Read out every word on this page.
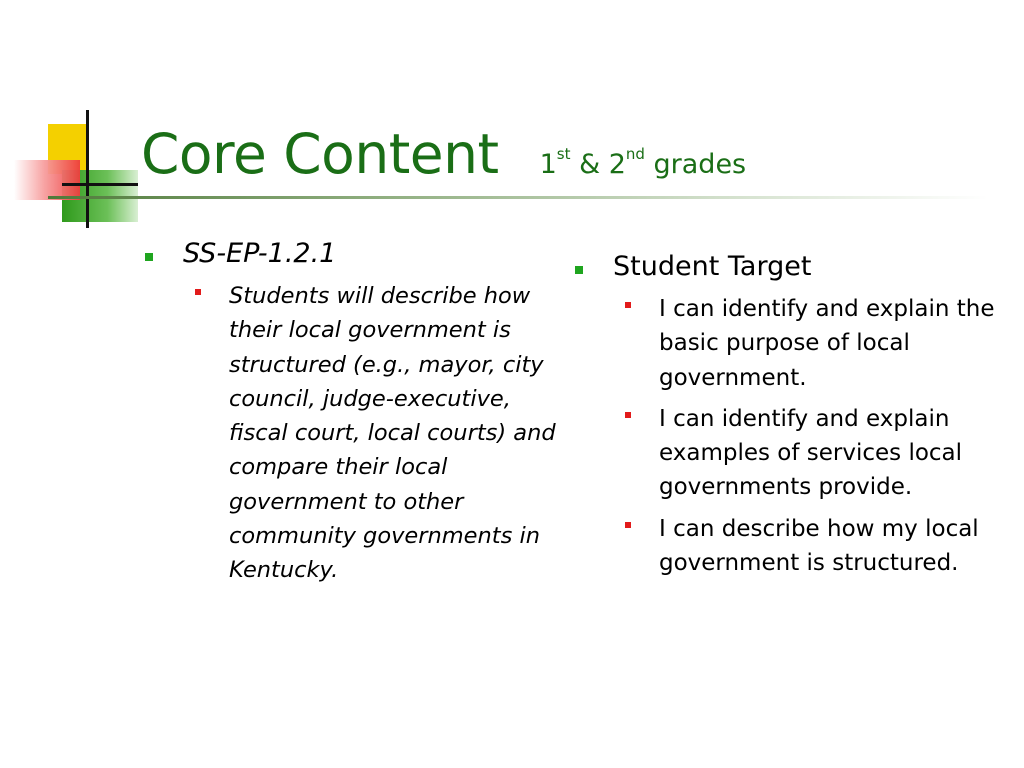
Core Content 1st & 2nd grades
SS-EP-1.2.1
Students will describe how their local government is structured (e.g., mayor, city council, judge-executive, fiscal court, local courts) and compare their local government to other community governments in Kentucky.
Student Target
I can identify and explain the basic purpose of local government.
I can identify and explain examples of services local governments provide.
I can describe how my local government is structured.
